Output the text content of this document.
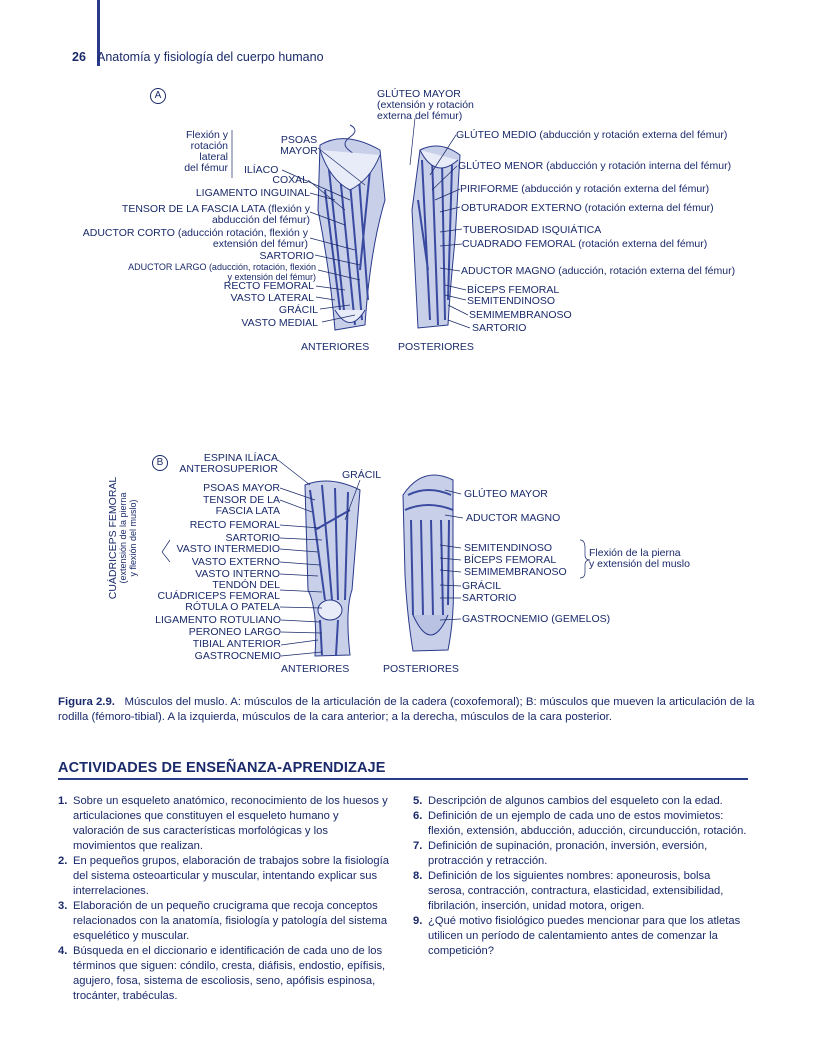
26 Anatomía y fisiología del cuerpo humano
A
Flexión y
rotación
lateral
del fémur
PSOAS
MAYOR
ILÍACO
COXAL
LIGAMENTO INGUINAL
TENSOR DE LA FASCIA LATA (flexión y
abducción del fémur)
ADUCTOR CORTO (aducción rotación, flexión y
extensión del fémur)
SARTORIO
ADUCTOR LARGO (aducción, rotación, flexión
y extensión del fémur)
RECTO FEMORAL
VASTO LATERAL
GRÁCIL
VASTO MEDIAL
GLÚTEO MAYOR
(extensión y rotación
externa del fémur)
GLÚTEO MEDIO (abducción y rotación externa del fémur)
GLÚTEO MENOR (abducción y rotación interna del fémur)
PIRIFORME (abducción y rotación externa del fémur)
OBTURADOR EXTERNO (rotación externa del fémur)
TUBEROSIDAD ISQUIÁTICA
CUADRADO FEMORAL (rotación externa del fémur)
ADUCTOR MAGNO (aducción, rotación externa del fémur)
BÍCEPS FEMORAL
SEMITENDINOSO
SEMIMEMBRANOSO
SARTORIO
ANTERIORES	POSTERIORES
B
CUÁDRICEPS FEMORAL (extensión de la pierna y flexión del muslo)
ESPINA ILÍACA
ANTEROSUPERIOR
PSOAS MAYOR
TENSOR DE LA
FASCIA LATA
RECTO FEMORAL
SARTORIO
VASTO INTERMEDIO
VASTO EXTERNO
VASTO INTERNO
TENDÓN DEL
CUÁDRICEPS FEMORAL
RÓTULA O PATELA
LIGAMENTO ROTULIANO
PERONEO LARGO
TIBIAL ANTERIOR
GASTROCNEMIO
GRÁCIL
GLÚTEO MAYOR
ADUCTOR MAGNO
SEMITENDINOSO
BÍCEPS FEMORAL
SEMIMEMBRANOSO
GRÁCIL
SARTORIO
GASTROCNEMIO (GEMELOS)
Flexión de la pierna
y extensión del muslo
ANTERIORES	POSTERIORES
Figura 2.9. Músculos del muslo. A: músculos de la articulación de la cadera (coxofemoral); B: músculos que mueven la articulación de la rodilla (fémoro-tibial). A la izquierda, músculos de la cara anterior; a la derecha, músculos de la cara posterior.
ACTIVIDADES DE ENSEÑANZA-APRENDIZAJE
1. Sobre un esqueleto anatómico, reconocimiento de los huesos y articulaciones que constituyen el esqueleto humano y valoración de sus características morfológicas y los movimientos que realizan.
2. En pequeños grupos, elaboración de trabajos sobre la fisiología del sistema osteoarticular y muscular, intentando explicar sus interrelaciones.
3. Elaboración de un pequeño crucigrama que recoja conceptos relacionados con la anatomía, fisiología y patología del sistema esquelético y muscular.
4. Búsqueda en el diccionario e identificación de cada uno de los términos que siguen: cóndilo, cresta, diáfisis, endostio, epífisis, agujero, fosa, sistema de escoliosis, seno, apófisis espinosa, trocánter, trabéculas.
5. Descripción de algunos cambios del esqueleto con la edad.
6. Definición de un ejemplo de cada uno de estos movimietos: flexión, extensión, abducción, aducción, circunducción, rotación.
7. Definición de supinación, pronación, inversión, eversión, protracción y retracción.
8. Definición de los siguientes nombres: aponeurosis, bolsa serosa, contracción, contractura, elasticidad, extensibilidad, fibrilación, inserción, unidad motora, origen.
9. ¿Qué motivo fisiológico puedes mencionar para que los atletas utilicen un período de calentamiento antes de comenzar la competición?
